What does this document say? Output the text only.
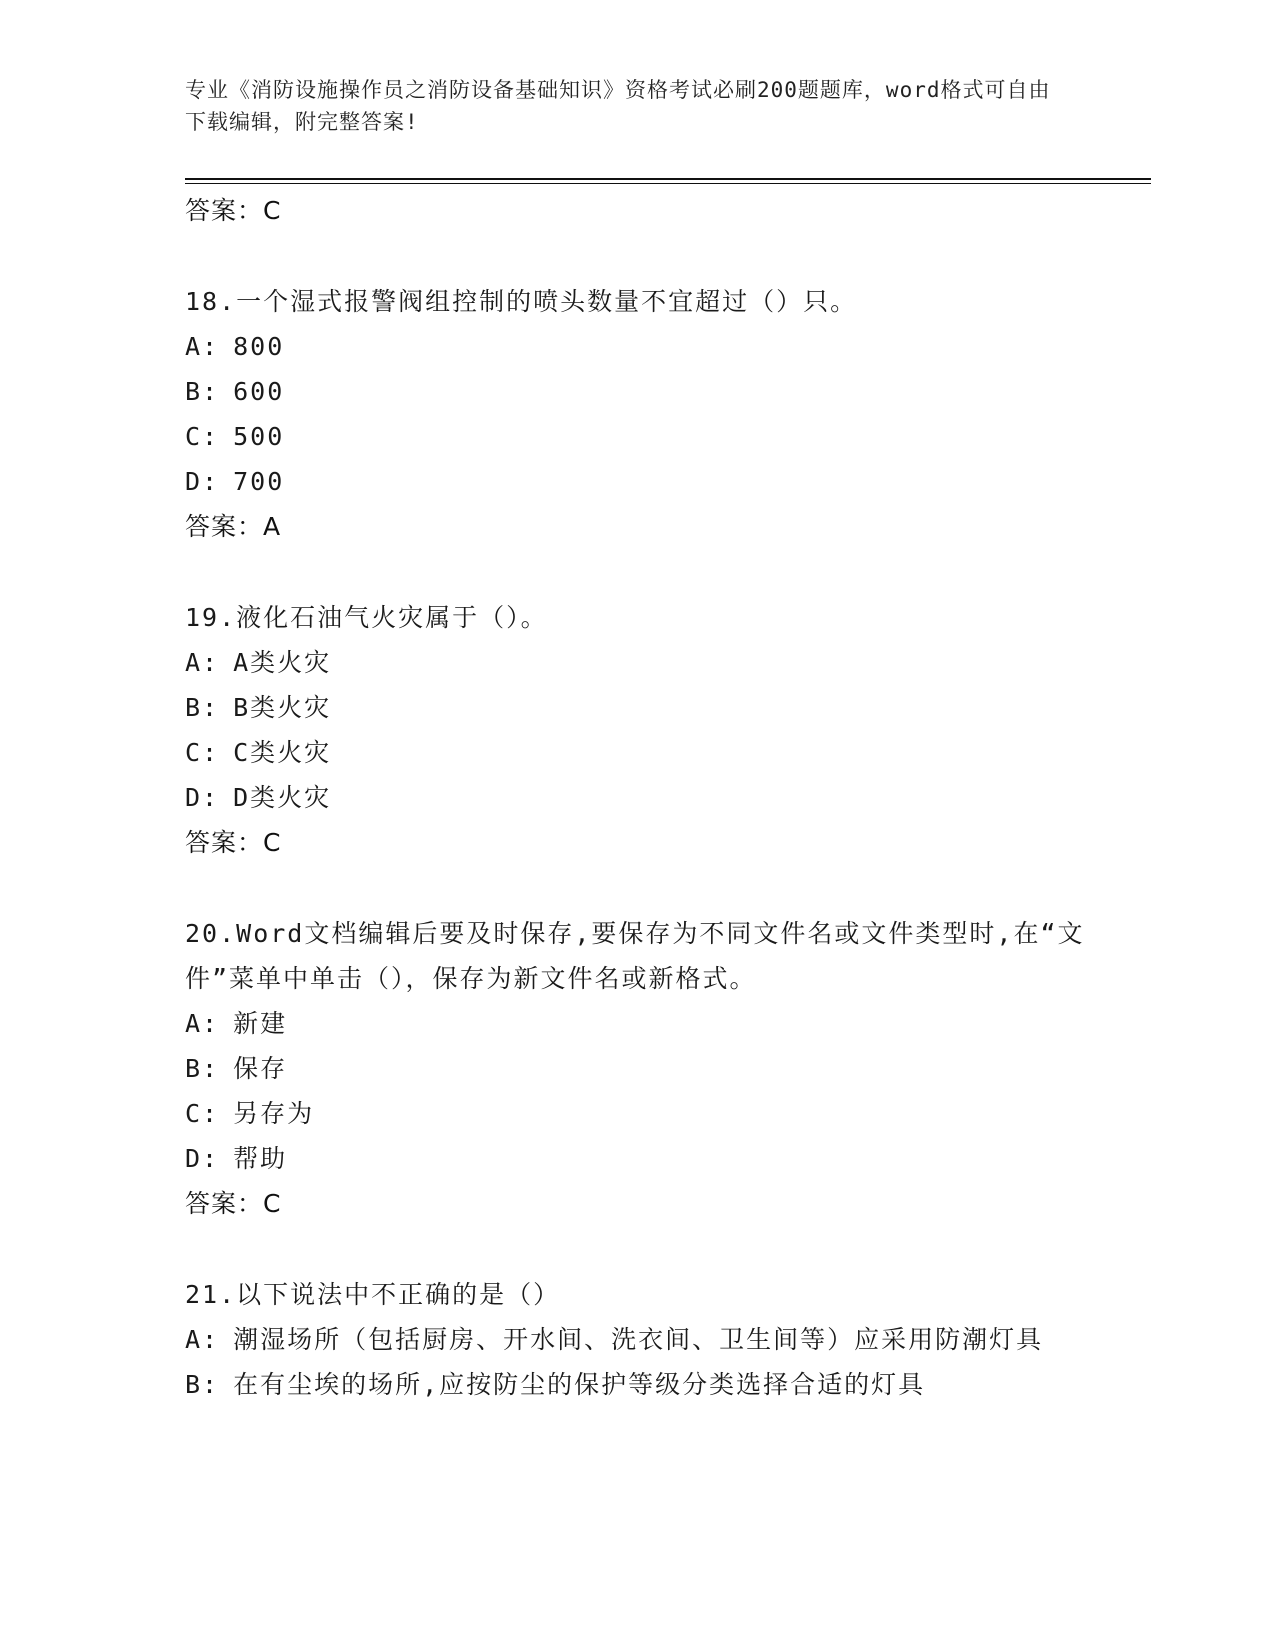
专业《消防设施操作员之消防设备基础知识》资格考试必刷200题题库，word格式可自由下载编辑，附完整答案!
答案：C
18.一个湿式报警阀组控制的喷头数量不宜超过（）只。
A: 800
B: 600
C: 500
D: 700
答案：A
19.液化石油气火灾属于（）。
A: A类火灾
B: B类火灾
C: C类火灾
D: D类火灾
答案：C
20.Word文档编辑后要及时保存,要保存为不同文件名或文件类型时,在“文件”菜单中单击（），保存为新文件名或新格式。
A: 新建
B: 保存
C: 另存为
D: 帮助
答案：C
21.以下说法中不正确的是（）
A: 潮湿场所（包括厨房、开水间、洗衣间、卫生间等）应采用防潮灯具
B: 在有尘埃的场所,应按防尘的保护等级分类选择合适的灯具
